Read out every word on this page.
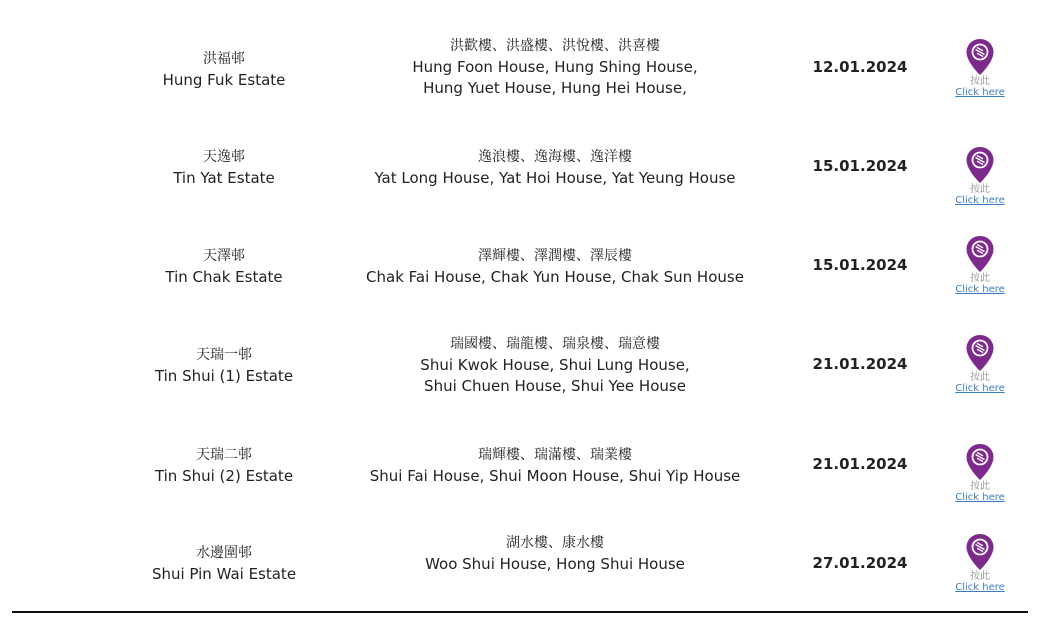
洪福邨
Hung Fuk Estate
洪歡樓、洪盛樓、洪悅樓、洪喜樓
Hung Foon House, Hung Shing House,
Hung Yuet House, Hung Hei House,
12.01.2024
按此
Click here
天逸邨
Tin Yat Estate
逸浪樓、逸海樓、逸洋樓
Yat Long House, Yat Hoi House, Yat Yeung House
15.01.2024
按此
Click here
天澤邨
Tin Chak Estate
澤輝樓、澤潤樓、澤辰樓
Chak Fai House, Chak Yun House, Chak Sun House
15.01.2024
按此
Click here
天瑞一邨
Tin Shui (1) Estate
瑞國樓、瑞龍樓、瑞泉樓、瑞意樓
Shui Kwok House, Shui Lung House,
Shui Chuen House, Shui Yee House
21.01.2024
按此
Click here
天瑞二邨
Tin Shui (2) Estate
瑞輝樓、瑞滿樓、瑞業樓
Shui Fai House, Shui Moon House, Shui Yip House
21.01.2024
按此
Click here
水邊圍邨
Shui Pin Wai Estate
湖水樓、康水樓
Woo Shui House, Hong Shui House	27.01.2024
按此
Click here
